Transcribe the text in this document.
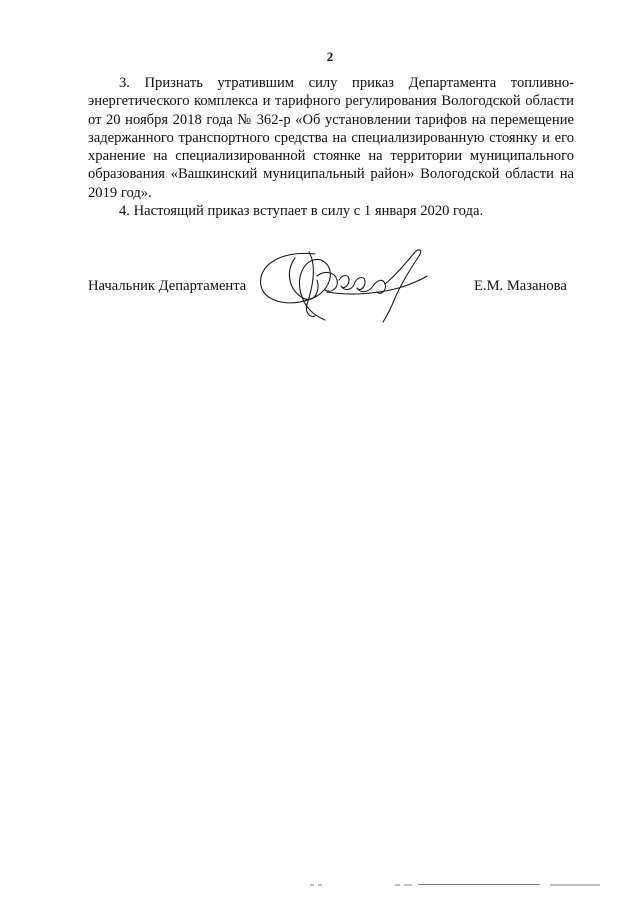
2

3. Признать утратившим силу приказ Департамента топливно-энергетического комплекса и тарифного регулирования Вологодской области от 20 ноября 2018 года № 362-р «Об установлении тарифов на перемещение задержанного транспортного средства на специализированную стоянку и его хранение на специализированной стоянке на территории муниципального образования «Вашкинский муниципальный район» Вологодской области на 2019 год».

4. Настоящий приказ вступает в силу с 1 января 2020 года.

Начальник Департамента	Е.М. Мазанова
